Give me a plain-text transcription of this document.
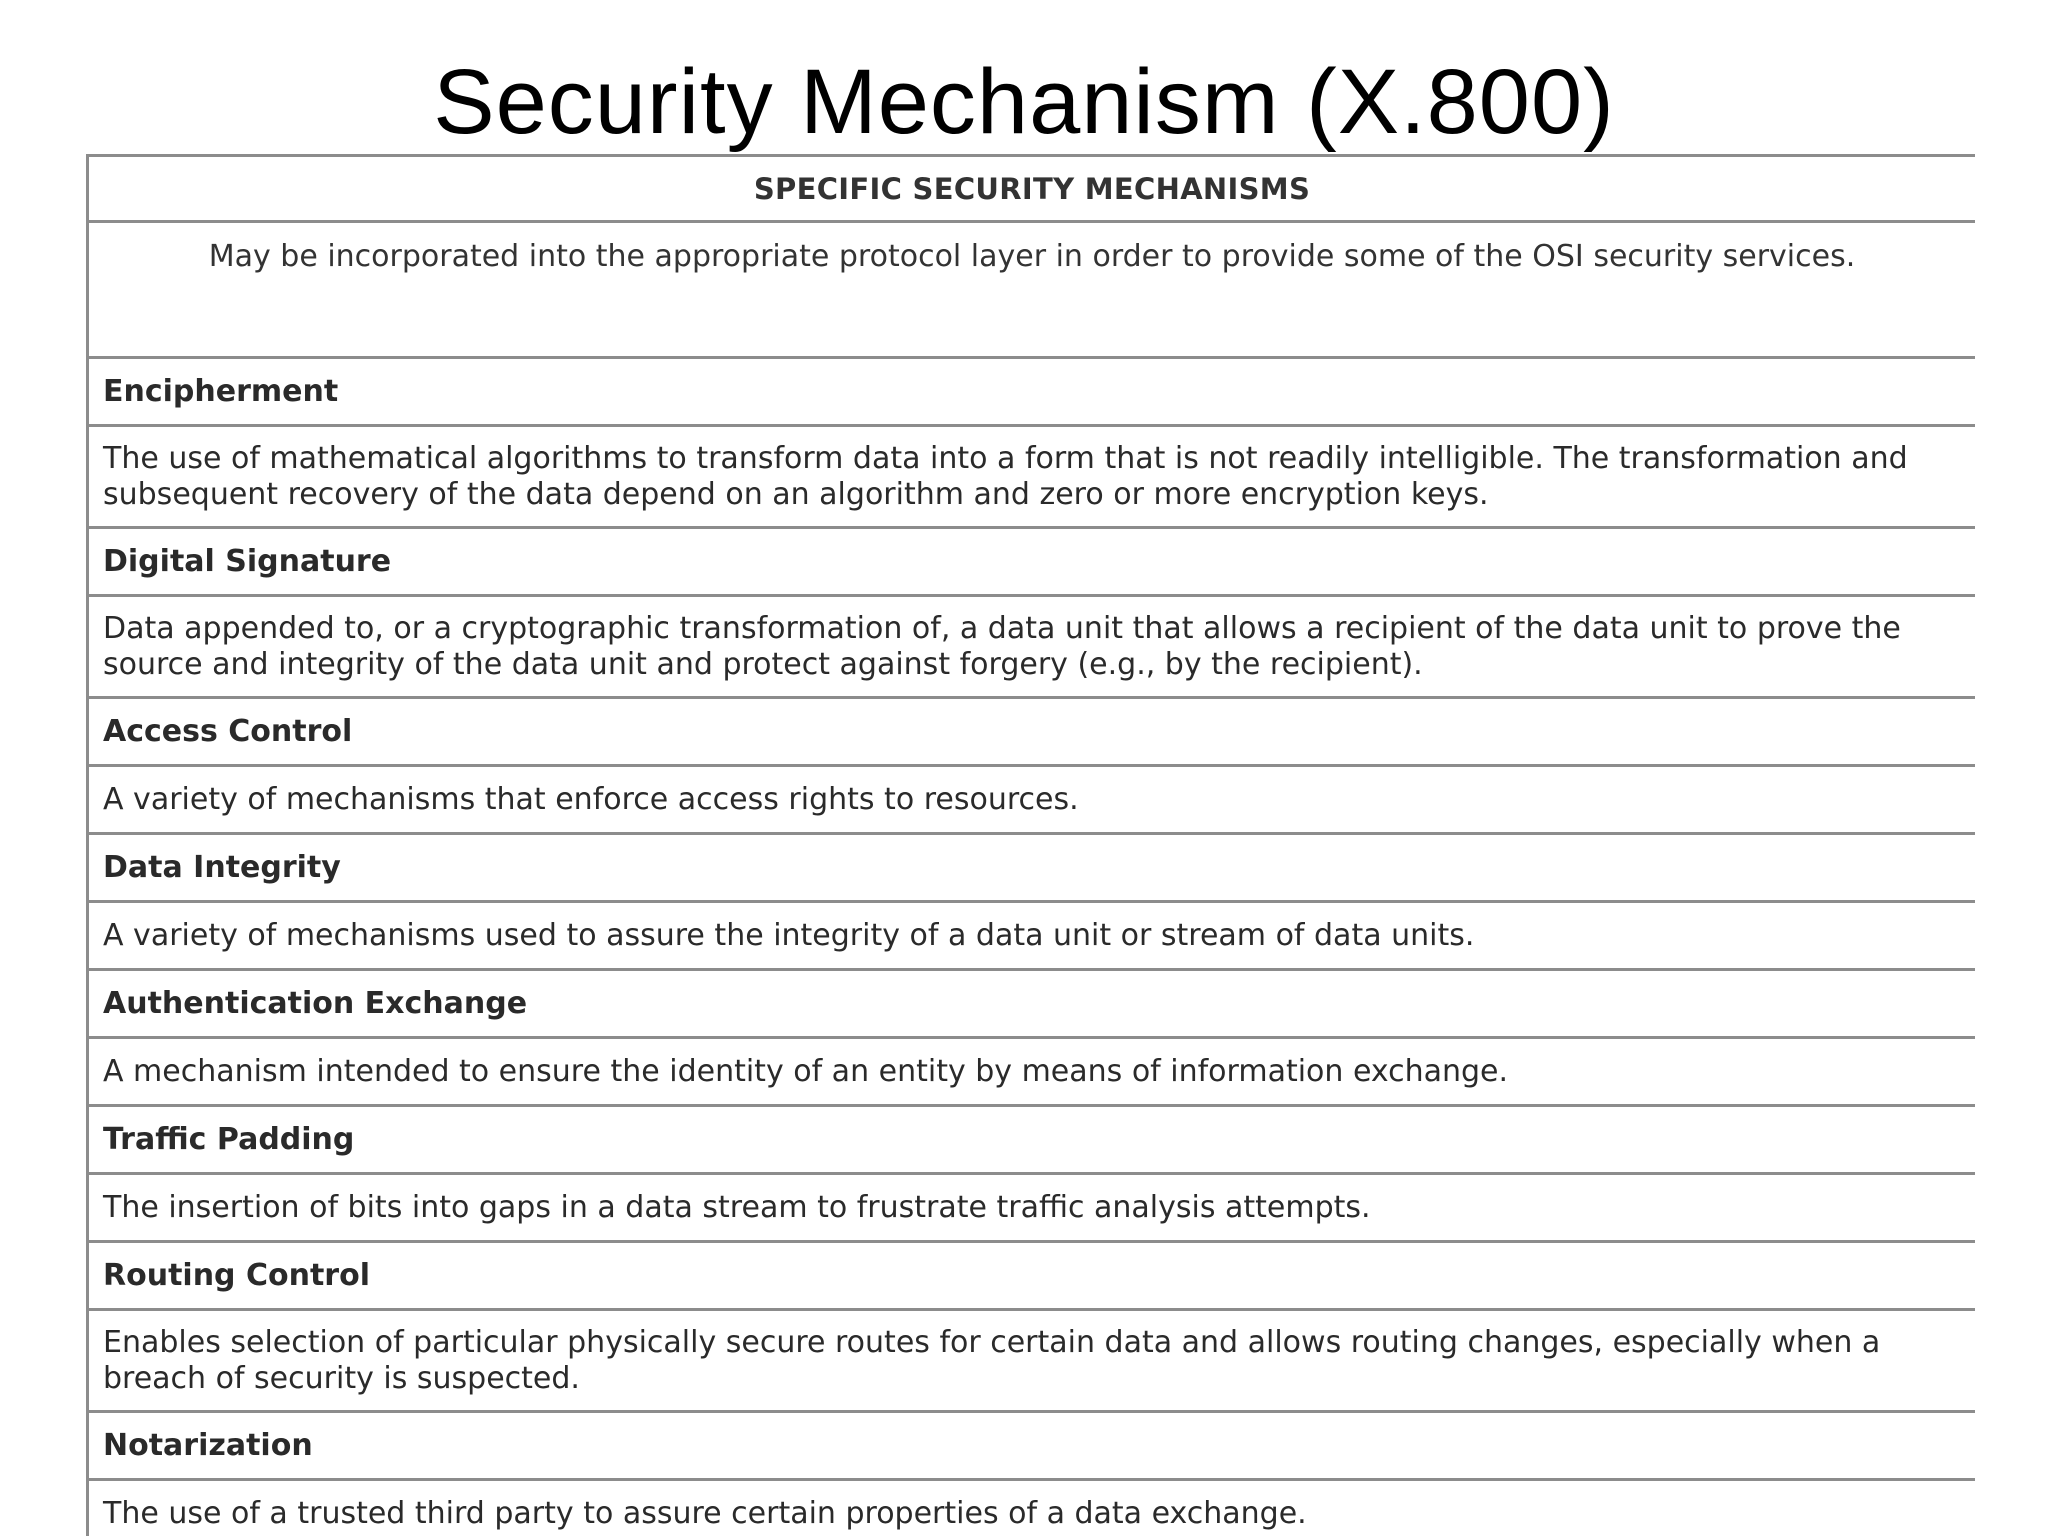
Security Mechanism (X.800)
SPECIFIC SECURITY MECHANISMS
May be incorporated into the appropriate protocol layer in order to provide some of the OSI security services.
Encipherment
The use of mathematical algorithms to transform data into a form that is not readily intelligible. The transformation and subsequent recovery of the data depend on an algorithm and zero or more encryption keys.
Digital Signature
Data appended to, or a cryptographic transformation of, a data unit that allows a recipient of the data unit to prove the source and integrity of the data unit and protect against forgery (e.g., by the recipient).
Access Control
A variety of mechanisms that enforce access rights to resources.
Data Integrity
A variety of mechanisms used to assure the integrity of a data unit or stream of data units.
Authentication Exchange
A mechanism intended to ensure the identity of an entity by means of information exchange.
Traffic Padding
The insertion of bits into gaps in a data stream to frustrate traffic analysis attempts.
Routing Control
Enables selection of particular physically secure routes for certain data and allows routing changes, especially when a breach of security is suspected.
Notarization
The use of a trusted third party to assure certain properties of a data exchange.
